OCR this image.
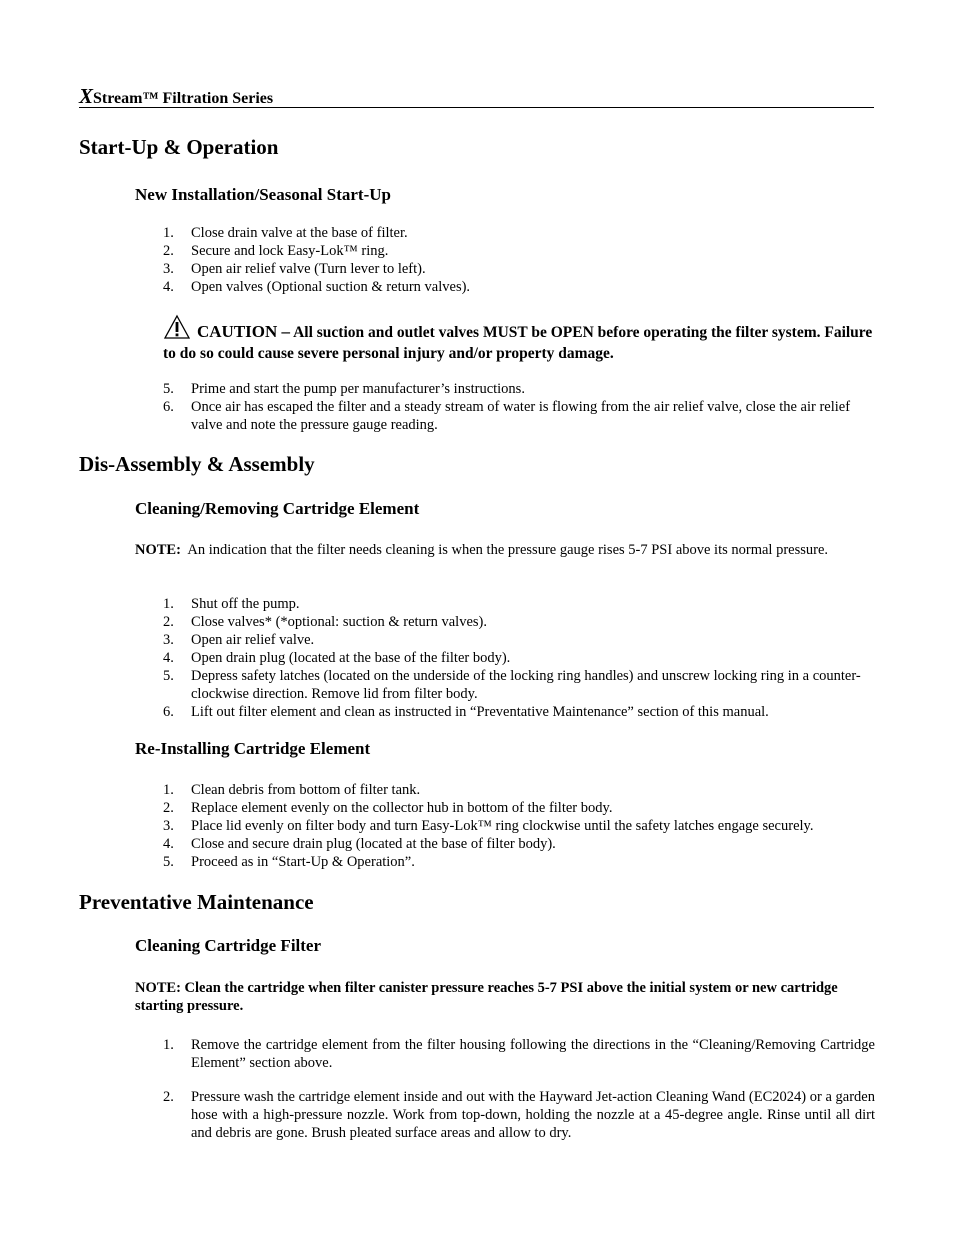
XStream™ Filtration Series
Start-Up & Operation
New Installation/Seasonal Start-Up
1. Close drain valve at the base of filter.
2. Secure and lock Easy-Lok™ ring.
3. Open air relief valve (Turn lever to left).
4. Open valves (Optional suction & return valves).

CAUTION – All suction and outlet valves MUST be OPEN before operating the filter system. Failure to do so could cause severe personal injury and/or property damage.

5. Prime and start the pump per manufacturer’s instructions.
6. Once air has escaped the filter and a steady stream of water is flowing from the air relief valve, close the air relief valve and note the pressure gauge reading.
Dis-Assembly & Assembly
Cleaning/Removing Cartridge Element

NOTE: An indication that the filter needs cleaning is when the pressure gauge rises 5-7 PSI above its normal pressure.

1. Shut off the pump.
2. Close valves* (*optional: suction & return valves).
3. Open air relief valve.
4. Open drain plug (located at the base of the filter body).
5. Depress safety latches (located on the underside of the locking ring handles) and unscrew locking ring in a counter-clockwise direction. Remove lid from filter body.
6. Lift out filter element and clean as instructed in “Preventative Maintenance” section of this manual.
Re-Installing Cartridge Element
1. Clean debris from bottom of filter tank.
2. Replace element evenly on the collector hub in bottom of the filter body.
3. Place lid evenly on filter body and turn Easy-Lok™ ring clockwise until the safety latches engage securely.
4. Close and secure drain plug (located at the base of filter body).
5. Proceed as in “Start-Up & Operation”.
Preventative Maintenance
Cleaning Cartridge Filter

NOTE: Clean the cartridge when filter canister pressure reaches 5-7 PSI above the initial system or new cartridge starting pressure.

1. Remove the cartridge element from the filter housing following the directions in the “Cleaning/Removing Cartridge Element” section above.
2. Pressure wash the cartridge element inside and out with the Hayward Jet-action Cleaning Wand (EC2024) or a garden hose with a high-pressure nozzle. Work from top-down, holding the nozzle at a 45-degree angle. Rinse until all dirt and debris are gone. Brush pleated surface areas and allow to dry.
